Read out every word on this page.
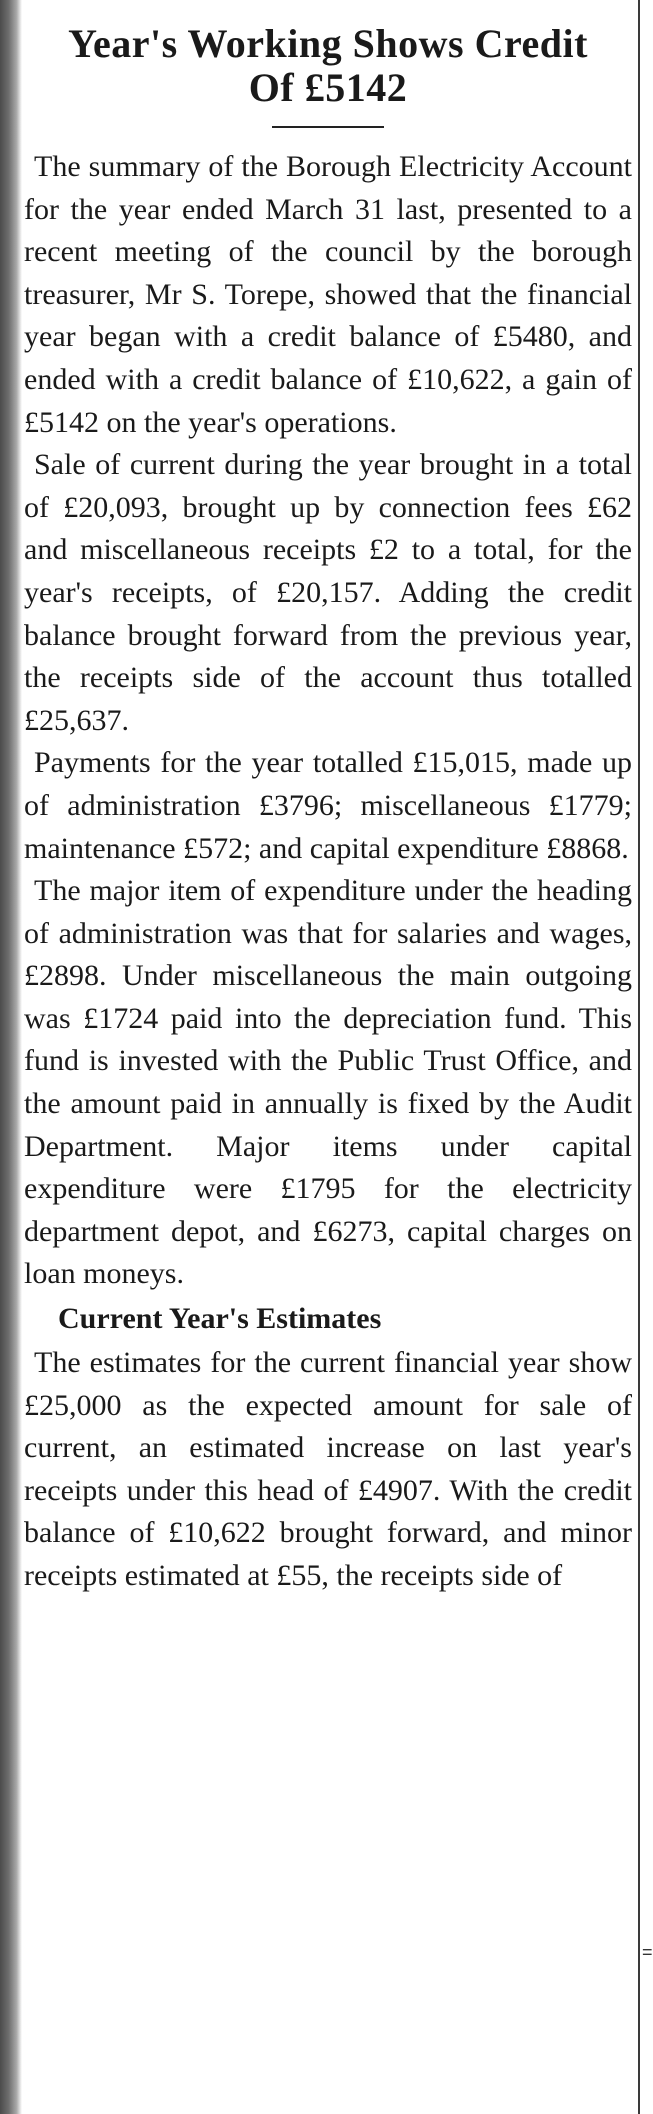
=
Year's Working Shows Credit
Of £5142

The summary of the Borough Electricity Account for the year ended March 31 last, presented to a recent meeting of the council by the borough treasurer, Mr S. Torepe, showed that the financial year began with a credit balance of £5480, and ended with a credit balance of £10,622, a gain of £5142 on the year's operations.

Sale of current during the year brought in a total of £20,093, brought up by connection fees £62 and miscellaneous receipts £2 to a total, for the year's receipts, of £20,157. Adding the credit balance brought forward from the previous year, the receipts side of the account thus totalled £25,637.

Payments for the year totalled £15,015, made up of administration £3796; miscellaneous £1779; maintenance £572; and capital expenditure £8868.

The major item of expenditure under the heading of administration was that for salaries and wages, £2898. Under miscellaneous the main outgoing was £1724 paid into the depreciation fund. This fund is invested with the Public Trust Office, and the amount paid in annually is fixed by the Audit Department. Major items under capital expenditure were £1795 for the electricity department depot, and £6273, capital charges on loan moneys.

Current Year's Estimates

The estimates for the current financial year show £25,000 as the expected amount for sale of current, an estimated increase on last year's receipts under this head of £4907. With the credit balance of £10,622 brought forward, and minor receipts estimated at £55, the receipts side of
